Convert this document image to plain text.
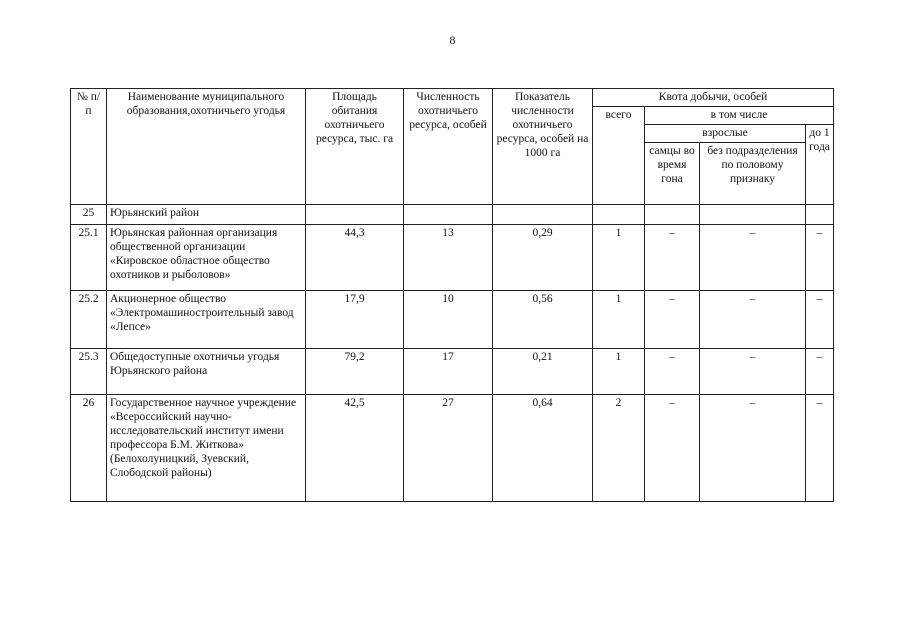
8
№ п/п	Наименование муниципального образования,охотничьего угодья	Площадь обитания охотничьего ресурса, тыс. га	Численность охотничьего ресурса, особей	Показатель численности охотничьего ресурса, особей на 1000 га	Квота добычи, особей			
					всего	в том числе		
						взрослые		до 1 года
						самцы во время гона	без подразделения по половому признаку	
25	Юрьянский район							
25.1	Юрьянская районная организация общественной организации «Кировское областное общество охотников и рыболовов»	44,3	13	0,29	1	–	–	–
25.2	Акционерное общество «Электромашиностроительный завод «Лепсе»	17,9	10	0,56	1	–	–	–
25.3	Общедоступные охотничьи угодья Юрьянского района	79,2	17	0,21	1	–	–	–
26	Государственное научное учреждение «Всероссийский научно-исследовательский институт имени профессора Б.М. Житкова» (Белохолуницкий, Зуевский, Слободской районы)	42,5	27	0,64	2	–	–	–
